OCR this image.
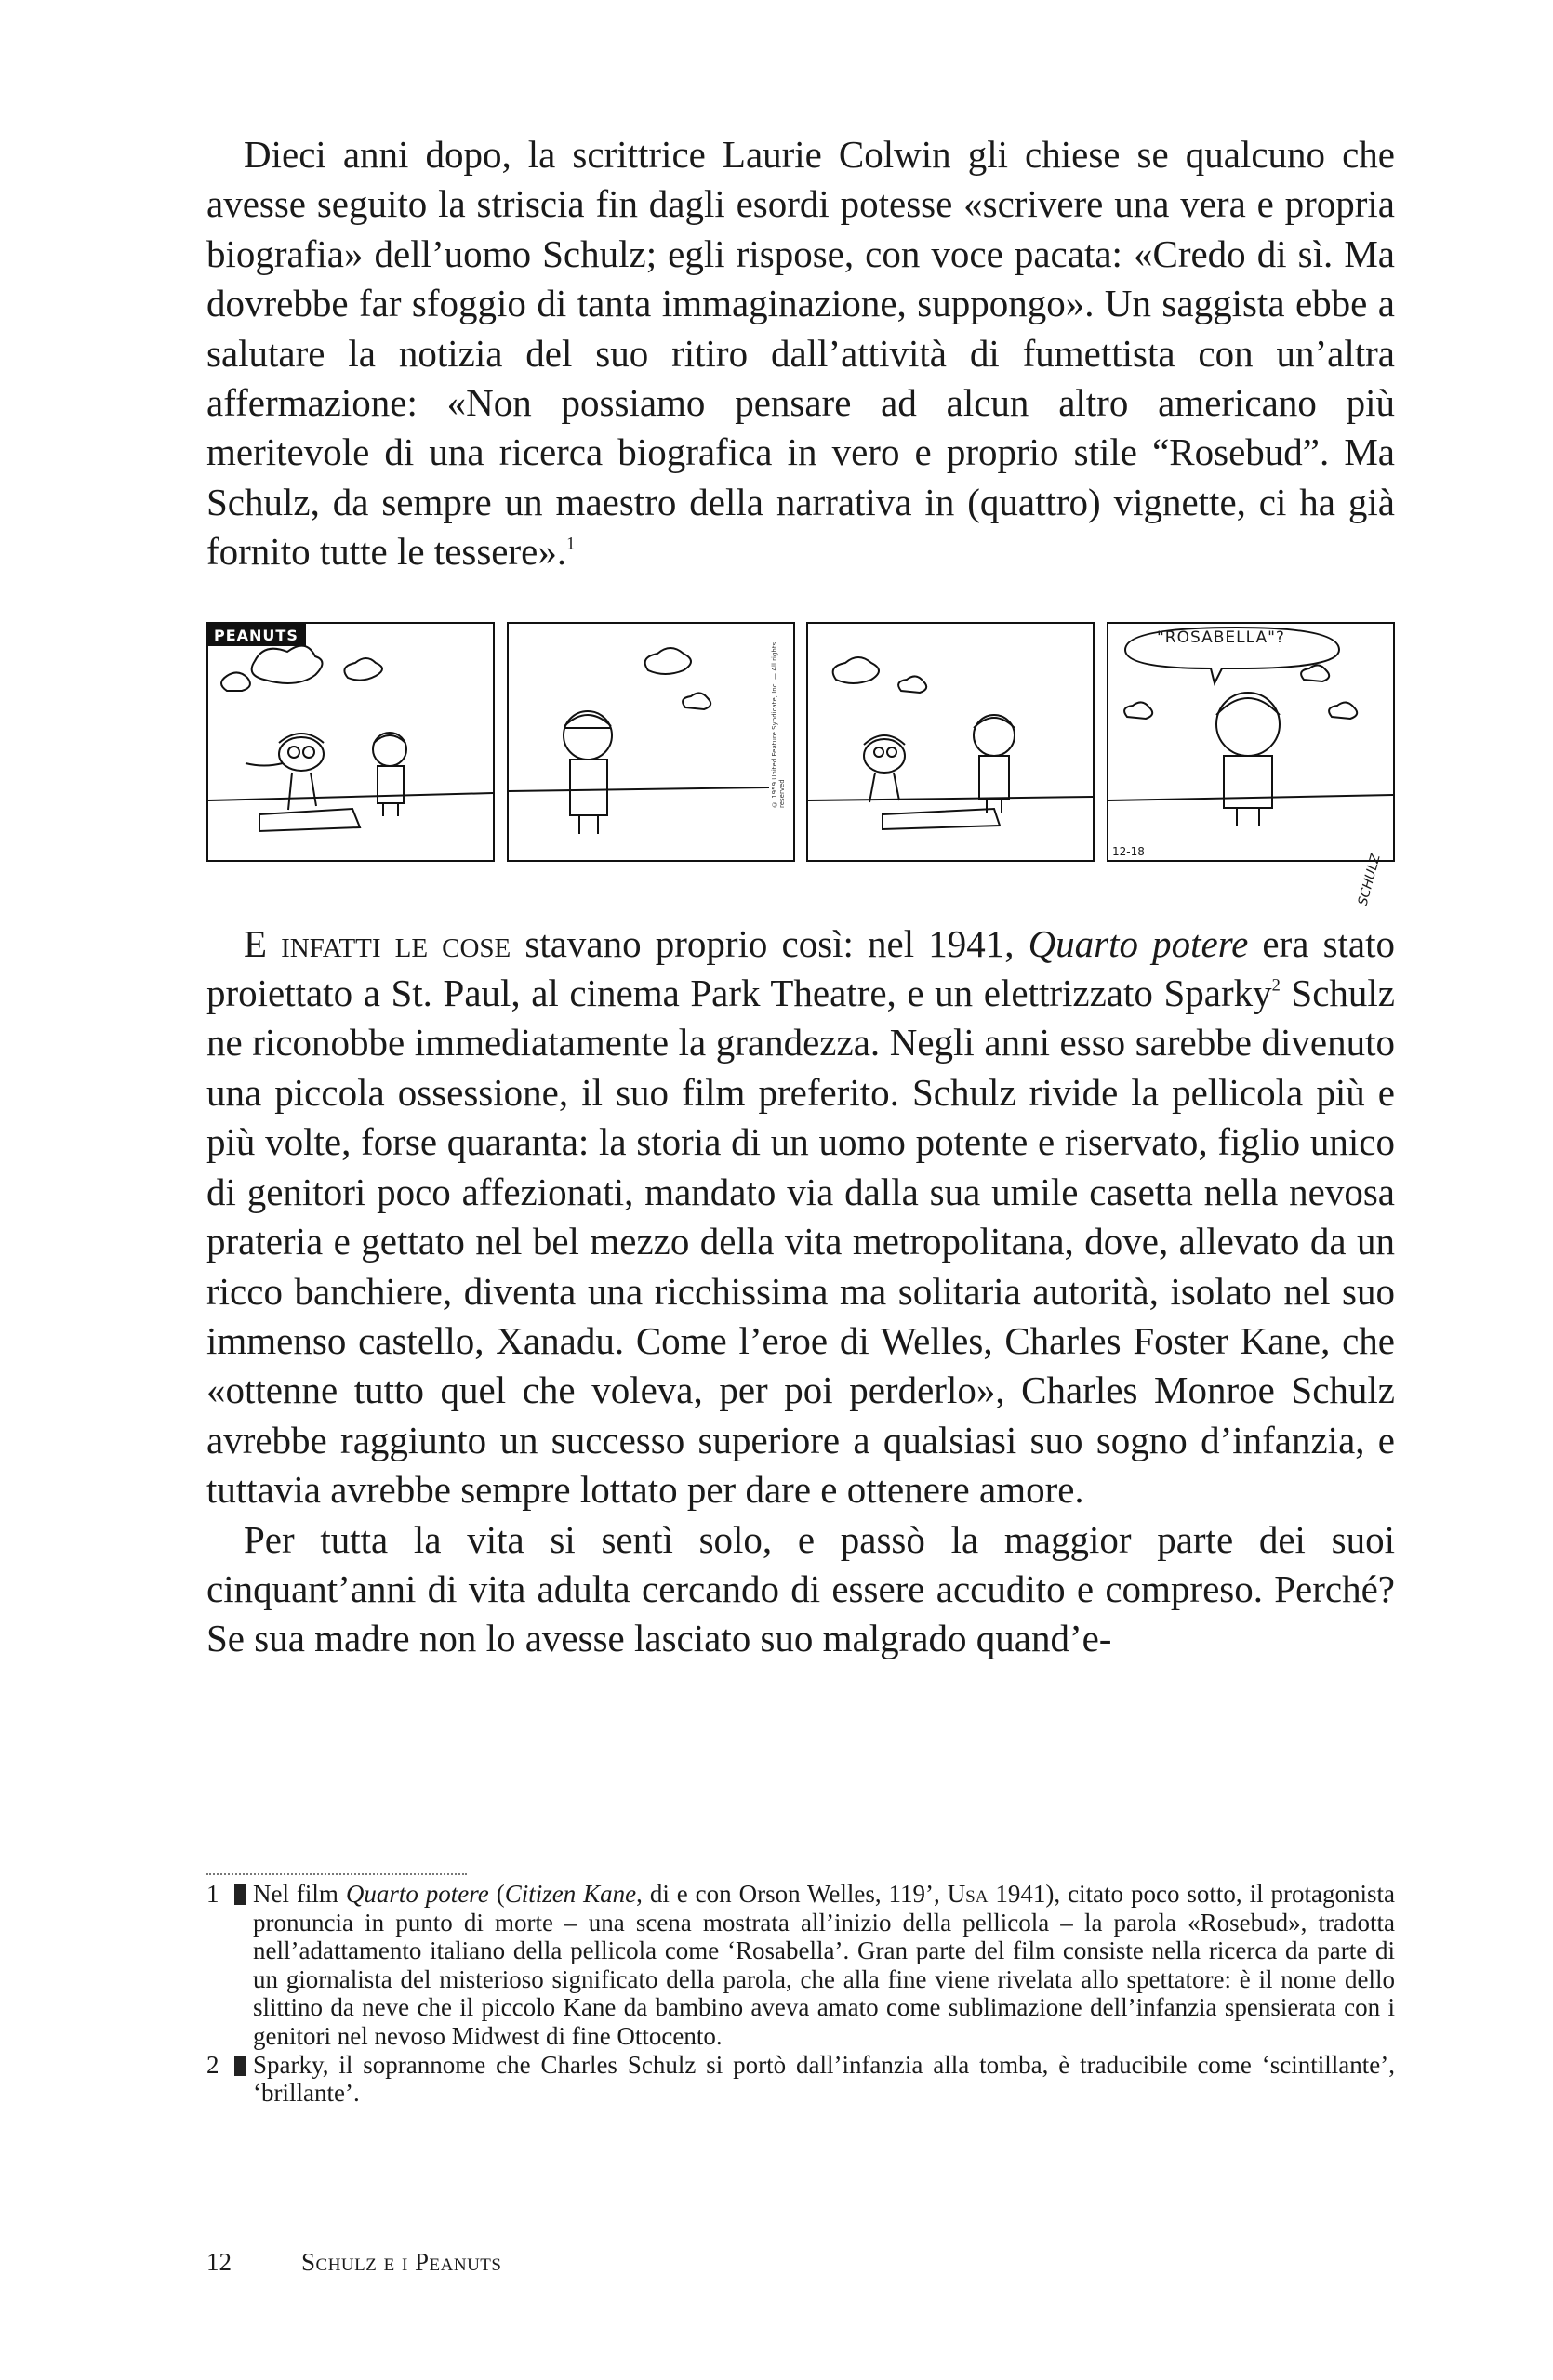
Dieci anni dopo, la scrittrice Laurie Colwin gli chiese se qualcuno che avesse seguito la striscia fin dagli esordi potesse «scrivere una vera e propria biografia» dell’uomo Schulz; egli rispose, con voce pacata: «Credo di sì. Ma dovrebbe far sfoggio di tanta immaginazione, suppongo». Un saggista ebbe a salutare la notizia del suo ritiro dall’attività di fumettista con un’altra affermazione: «Non possiamo pensare ad alcun altro americano più meritevole di una ricerca biografica in vero e proprio stile “Rosebud”. Ma Schulz, da sempre un maestro della narrativa in (quattro) vignette, ci ha già fornito tutte le tessere».$^1$

PEANUTS
© 1959 United Feature Syndicate, Inc. — All rights reserved
"ROSABELLA"?
12-18
SCHULZ

E infatti le cose stavano proprio così: nel 1941, Quarto potere era stato proiettato a St. Paul, al cinema Park Theatre, e un elettrizzato Sparky$^2$ Schulz ne riconobbe immediatamente la grandezza. Negli anni esso sarebbe divenuto una piccola ossessione, il suo film preferito. Schulz rivide la pellicola più e più volte, forse quaranta: la storia di un uomo potente e riservato, figlio unico di genitori poco affezionati, mandato via dalla sua umile casetta nella nevosa prateria e gettato nel bel mezzo della vita metropolitana, dove, allevato da un ricco banchiere, diventa una ricchissima ma solitaria autorità, isolato nel suo immenso castello, Xanadu. Come l’eroe di Welles, Charles Foster Kane, che «ottenne tutto quel che voleva, per poi perderlo», Charles Monroe Schulz avrebbe raggiunto un successo superiore a qualsiasi suo sogno d’infanzia, e tuttavia avrebbe sempre lottato per dare e ottenere amore.

Per tutta la vita si sentì solo, e passò la maggior parte dei suoi cinquant’anni di vita adulta cercando di essere accudito e compreso. Perché? Se sua madre non lo avesse lasciato suo malgrado quand’e-

1	Nel film Quarto potere (Citizen Kane, di e con Orson Welles, 119’, Usa 1941), citato poco sotto, il protagonista pronuncia in punto di morte – una scena mostrata all’inizio della pellicola – la parola «Rosebud», tradotta nell’adattamento italiano della pellicola come ‘Rosabella’. Gran parte del film consiste nella ricerca da parte di un giornalista del misterioso significato della parola, che alla fine viene rivelata allo spettatore: è il nome dello slittino da neve che il piccolo Kane da bambino aveva amato come sublimazione dell’infanzia spensierata con i genitori nel nevoso Midwest di fine Ottocento.

2	Sparky, il soprannome che Charles Schulz si portò dall’infanzia alla tomba, è traducibile come ‘scintillante’, ‘brillante’.

12	Schulz e i Peanuts
